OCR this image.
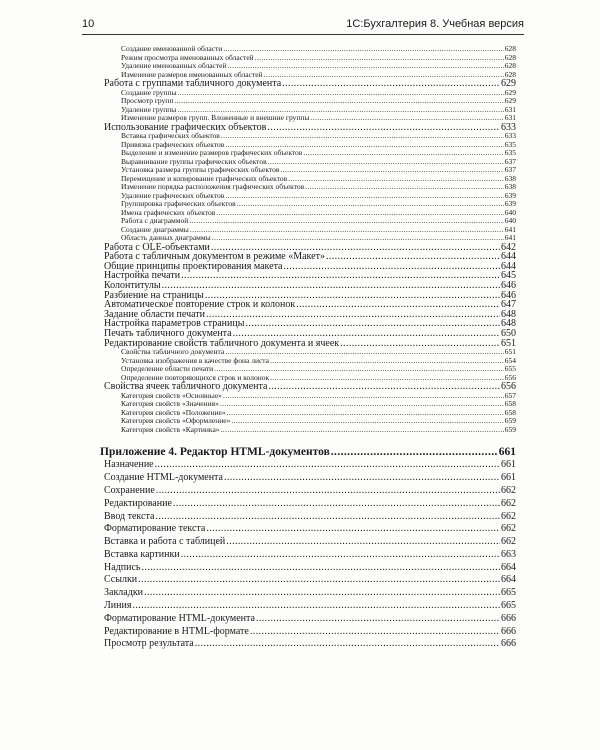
10	1С:Бухгалтерия 8. Учебная версия
Создание именованной области .....	628
Режим просмотра именованных областей .....	628
Удаление именованных областей .....	628
Изменение размеров именованных областей .....	628
Работа с группами табличного документа .....	629
Создание группы .....	629
Просмотр групп .....	629
Удаление группы .....	631
Изменение размеров групп. Вложенные и внешние группы .....	631
Использование графических объектов .....	633
Вставка графических объектов .....	633
Привязка графических объектов .....	635
Выделение и изменение размеров графических объектов .....	635
Выравнивание группы графических объектов .....	637
Установка размера группы графических объектов .....	637
Перемещение и копирование графических объектов .....	638
Изменение порядка расположения графических объектов .....	638
Удаление графических объектов .....	639
Группировка графических объектов .....	639
Имена графических объектов .....	640
Работа с диаграммой .....	640
Создание диаграммы .....	641
Область данных диаграммы .....	641
Работа с OLE-объектами .....	642
Работа с табличным документом в режиме «Макет» .....	644
Общие принципы проектирования макета .....	644
Настройка печати .....	645
Колонтитулы .....	646
Разбиение на страницы .....	646
Автоматическое повторение строк и колонок .....	647
Задание области печати .....	648
Настройка параметров страницы .....	648
Печать табличного документа .....	650
Редактирование свойств табличного документа и ячеек .....	651
Свойства табличного документа .....	651
Установка изображения в качестве фона листа .....	654
Определение области печати .....	655
Определение повторяющихся строк и колонок .....	656
Свойства ячеек табличного документа .....	656
Категория свойств «Основные» .....	657
Категория свойств «Значения» .....	658
Категория свойств «Положение» .....	658
Категория свойств «Оформление» .....	659
Категория свойств «Картинка» .....	659
Приложение 4. Редактор HTML-документов .....	661
Назначение .....	661
Создание HTML-документа .....	661
Сохранение .....	662
Редактирование .....	662
Ввод текста .....	662
Форматирование текста .....	662
Вставка и работа с таблицей .....	662
Вставка картинки .....	663
Надпись .....	664
Ссылки .....	664
Закладки .....	665
Линия .....	665
Форматирование HTML-документа .....	666
Редактирование в HTML-формате .....	666
Просмотр результата .....	666
